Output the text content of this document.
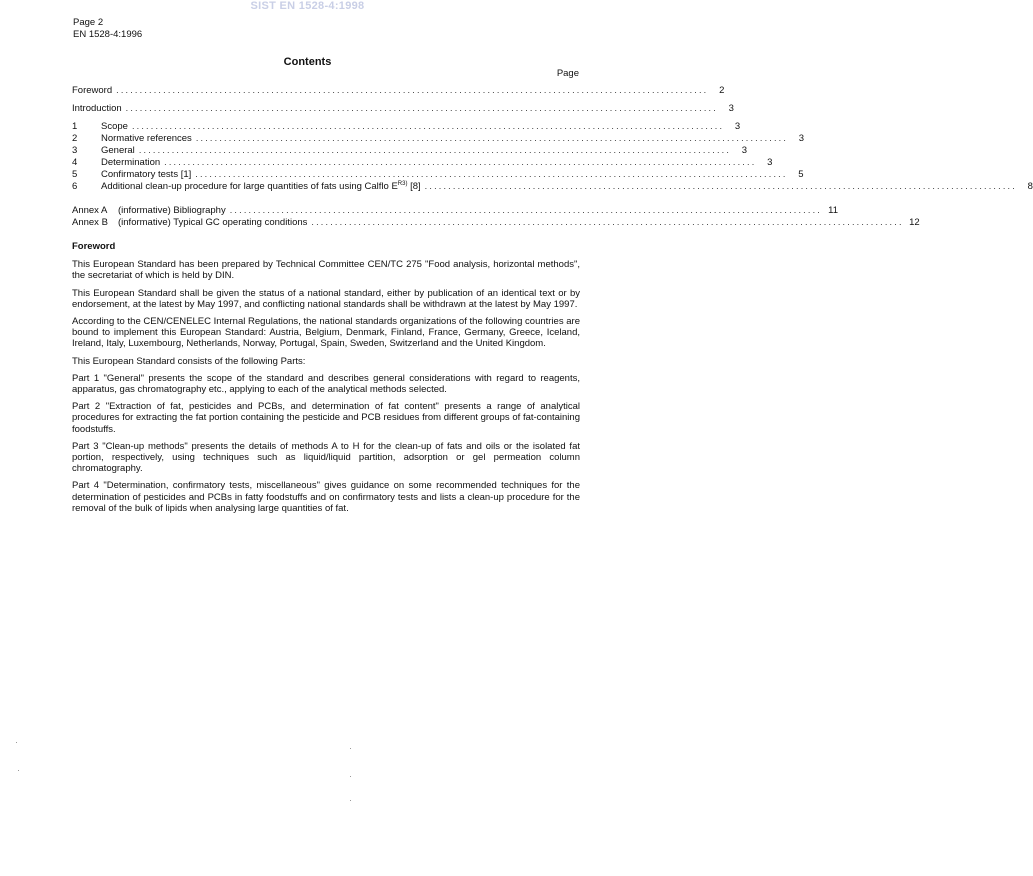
SIST EN 1528-4:1998
Page 2
EN 1528-4:1996
Contents
Page
Foreword ..............................................................................................................................	2
Introduction ..............................................................................................................................	3
1	Scope ..............................................................................................................................	3
2	Normative references ..............................................................................................................................	3
3	General ..............................................................................................................................	3
4	Determination ..............................................................................................................................	3
5	Confirmatory tests [1] ..............................................................................................................................	5
6	Additional clean-up procedure for large quantities of fats using Calflo $E^{R3)}$ [8] ..............................................................................................................................	8
Annex A	(informative) Bibliography .............................................................................................................................. 11
Annex B	(informative) Typical GC operating conditions .............................................................................................................................. 12
Foreword

This European Standard has been prepared by Technical Committee CEN/TC 275 "Food analysis, horizontal methods", the secretariat of which is held by DIN.

This European Standard shall be given the status of a national standard, either by publication of an identical text or by endorsement, at the latest by May 1997, and conflicting national standards shall be withdrawn at the latest by May 1997.

According to the CEN/CENELEC Internal Regulations, the national standards organizations of the following countries are bound to implement this European Standard: Austria, Belgium, Denmark, Finland, France, Germany, Greece, Iceland, Ireland, Italy, Luxembourg, Netherlands, Norway, Portugal, Spain, Sweden, Switzerland and the United Kingdom.

This European Standard consists of the following Parts:

Part 1 "General" presents the scope of the standard and describes general considerations with regard to reagents, apparatus, gas chromatography etc., applying to each of the analytical methods selected.

Part 2 "Extraction of fat, pesticides and PCBs, and determination of fat content" presents a range of analytical procedures for extracting the fat portion containing the pesticide and PCB residues from different groups of fat-containing foodstuffs.

Part 3 "Clean-up methods" presents the details of methods A to H for the clean-up of fats and oils or the isolated fat portion, respectively, using techniques such as liquid/liquid partition, adsorption or gel permeation column chromatography.

Part 4 "Determination, confirmatory tests, miscellaneous" gives guidance on some recommended techniques for the determination of pesticides and PCBs in fatty foodstuffs and on confirmatory tests and lists a clean-up procedure for the removal of the bulk of lipids when analysing large quantities of fat.
